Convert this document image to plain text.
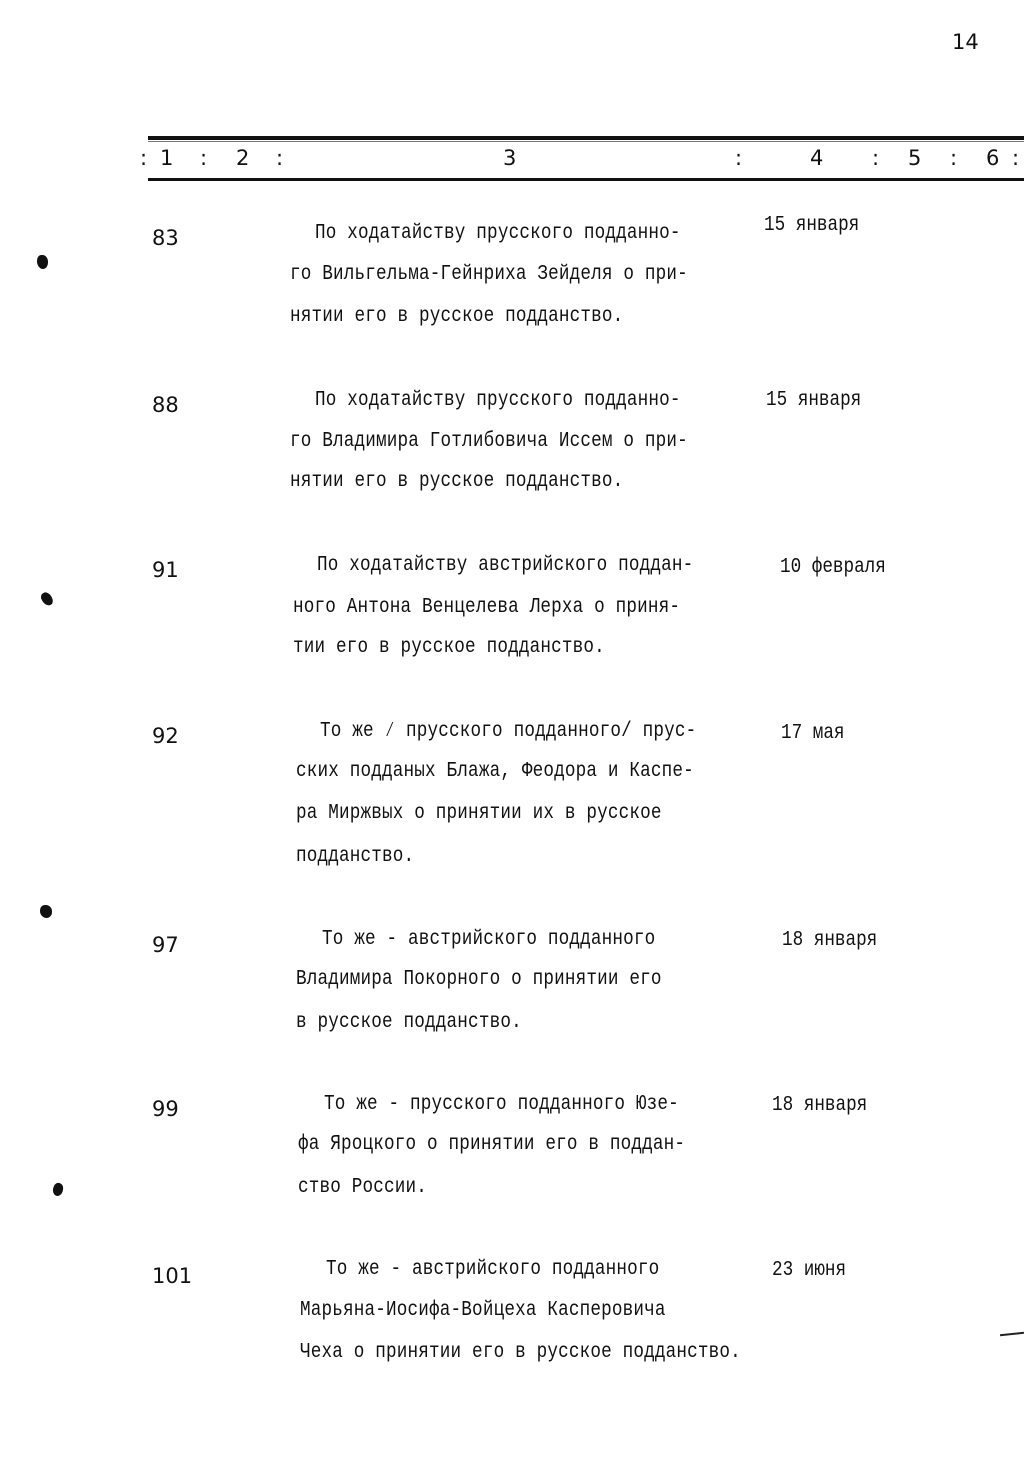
14
: 1 : 2 :	3	:	4 : 5 : 6 :
83	По ходатайству прусского подданно-
го Вильгельма-Гейнриха Зейделя о при-
нятии его в русское подданство.
15 января
88	По ходатайству прусского подданно-
го Владимира Готлибовича Иссем о при-
нятии его в русское подданство.
15 января
91	По ходатайству австрийского поддан-
ного Антона Венцелева Лерха о приня-
тии его в русское подданство.
10 февраля
92	То же ⁄ прусского подданного/ прус-
ских подданых Блажа, Феодора и Каспе-
ра Миржвых о принятии их в русское
подданство.
17 мая
97	То же - австрийского подданного
Владимира Покорного о принятии его
в русское подданство.
18 января
99	То же - прусского подданного Юзе-
фа Яроцкого о принятии его в поддан-
ство России.
18 января
101	То же - австрийского подданного
Марьяна-Иосифа-Войцеха Касперовича
Чеха о принятии его в русское подданство.
23 июня
